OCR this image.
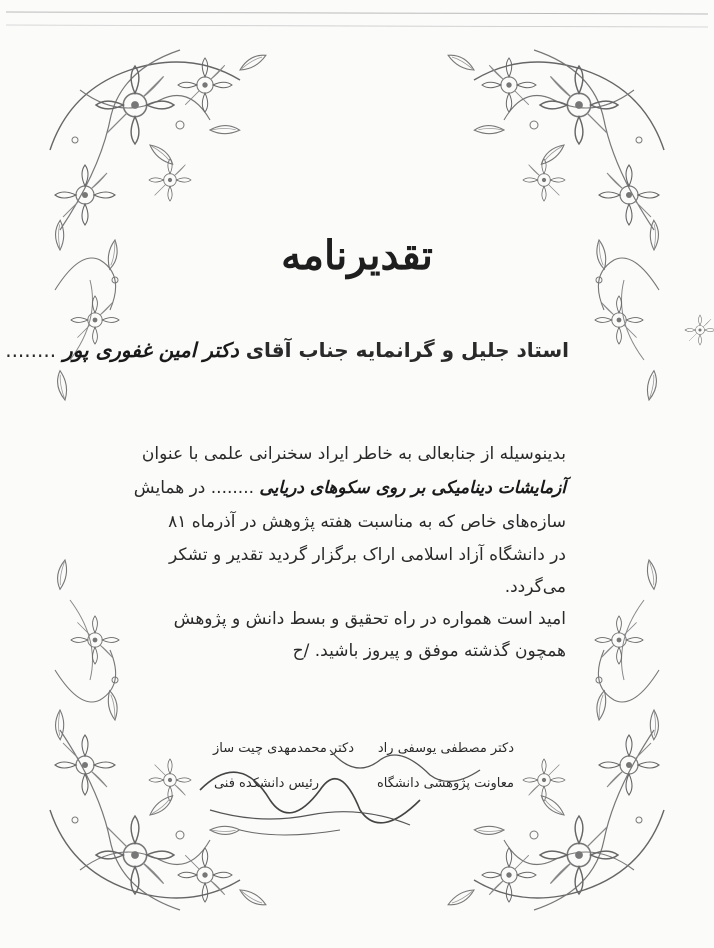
تقدیرنامه
استاد جلیل و گرانمایه جناب آقای دکتر امین غفوری پور ........
بدینوسیله از جنابعالی به خاطر ایراد سخنرانی علمی با عنوان
آزمایشات دینامیکی بر روی سکوهای دریایی ........ در همایش
سازه‌های خاص که به مناسبت هفته پژوهش در آذرماه ۸۱
در دانشگاه آزاد اسلامی اراک برگزار گردید تقدیر و تشکر
می‌گردد.
امید است همواره در راه تحقیق و بسط دانش و پژوهش
همچون گذشته موفق و پیروز باشید. /ح
دکتر مصطفی یوسفی راد
معاونت پژوهشی دانشگاه
دکتر محمدمهدی چیت ساز
رئیس دانشکده فنی
